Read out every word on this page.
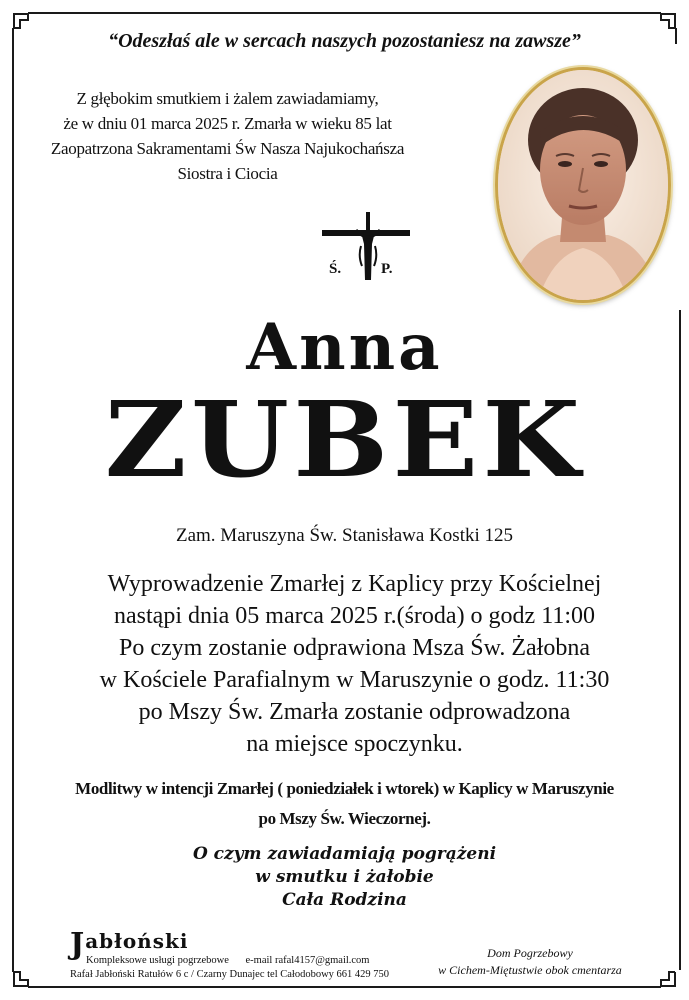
“Odeszłaś ale w sercach naszych pozostaniesz na zawsze”
Z głębokim smutkiem i żalem zawiadamiamy,
że w dniu 01 marca 2025 r. Zmarła w wieku 85 lat
Zaopatrzona Sakramentami Św Nasza Najukochańsza
Siostra i Ciocia
Ś.	P.
Anna
ZUBEK
Zam. Maruszyna Św. Stanisława Kostki 125
Wyprowadzenie Zmarłej z Kaplicy przy Kościelnej
nastąpi dnia 05 marca 2025 r.(środa) o godz 11:00
Po czym zostanie odprawiona Msza Św. Żałobna
w Kościele Parafialnym w Maruszynie o godz. 11:30
po Mszy Św. Zmarła zostanie odprowadzona
na miejsce spoczynku.
Modlitwy w intencji Zmarłej ( poniedziałek i wtorek) w Kaplicy w Maruszynie
po Mszy Św. Wieczornej.
O czym zawiadamiają pogrążeni
w smutku i żałobie
Cała Rodzina
Jabłoński
Kompleksowe usługi pogrzebowe e-mail rafal4157@gmail.com
Rafał Jabłoński Ratułów 6 c / Czarny Dunajec tel Całodobowy 661 429 750
Dom Pogrzebowy
w Cichem-Miętustwie obok cmentarza
